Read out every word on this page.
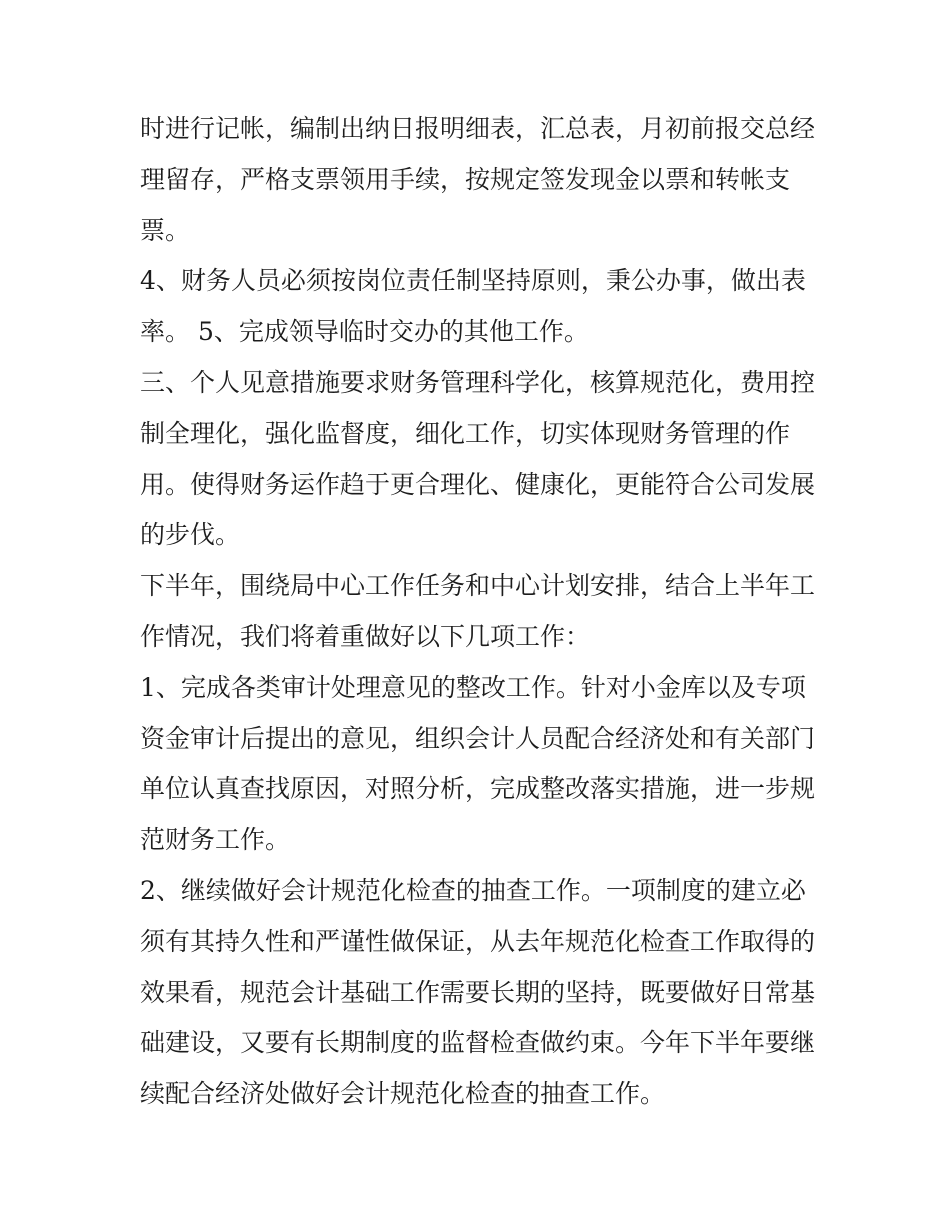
时进行记帐，编制出纳日报明细表，汇总表，月初前报交总经
理留存，严格支票领用手续，按规定签发现金以票和转帐支
票。

4、财务人员必须按岗位责任制坚持原则，秉公办事，做出表
率。 5、完成领导临时交办的其他工作。

三、个人见意措施要求财务管理科学化，核算规范化，费用控
制全理化，强化监督度，细化工作，切实体现财务管理的作
用。使得财务运作趋于更合理化、健康化，更能符合公司发展
的步伐。

下半年，围绕局中心工作任务和中心计划安排，结合上半年工
作情况，我们将着重做好以下几项工作：

1、完成各类审计处理意见的整改工作。针对小金库以及专项
资金审计后提出的意见，组织会计人员配合经济处和有关部门
单位认真查找原因，对照分析，完成整改落实措施，进一步规
范财务工作。

2、继续做好会计规范化检查的抽查工作。一项制度的建立必
须有其持久性和严谨性做保证，从去年规范化检查工作取得的
效果看，规范会计基础工作需要长期的坚持，既要做好日常基
础建设，又要有长期制度的监督检查做约束。今年下半年要继
续配合经济处做好会计规范化检查的抽查工作。
